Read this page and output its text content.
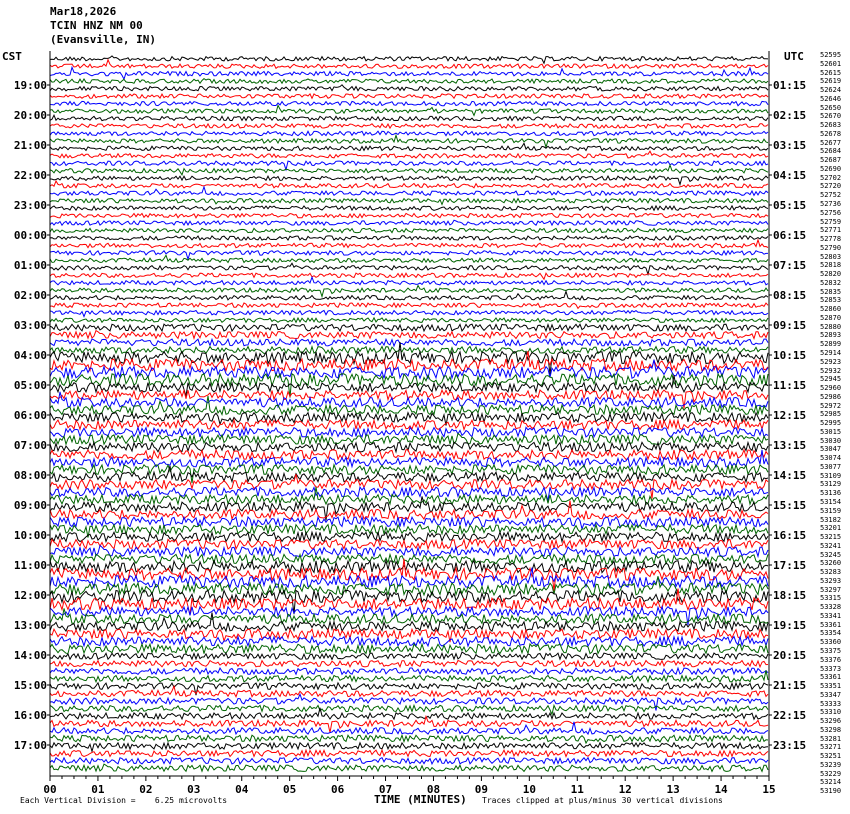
Mar18,2026
TCIN HNZ NM 00
(Evansville, IN)
CST	UTC
00	01	02	03	04	05	06	07	08	09	10	11	12	13	14	15
19:00	01:15
20:00	02:15
21:00	03:15
22:00	04:15
23:00	05:15
00:00	06:15
01:00	07:15
02:00	08:15
03:00	09:15
04:00	10:15
05:00	11:15
06:00	12:15
07:00	13:15
08:00	14:15
09:00	15:15
10:00	16:15
11:00	17:15
12:00	18:15
13:00	19:15
14:00	20:15
15:00	21:15
16:00	22:15
17:00	23:15
52595
52601
52615
52619
52624
52646
52650
52670
52683
52678
52677
52684
52687
52690
52702
52720
52752
52736
52756
52759
52771
52778
52790
52803
52818
52820
52832
52835
52853
52860
52870
52880
52893
52899
52914
52923
52932
52945
52960
52986
52972
52985
52995
53015
53030
53047
53074
53077
53109
53129
53136
53154
53159
53182
53201
53215
53241
53245
53260
53283
53293
53297
53315
53328
53341
53361
53354
53360
53375
53376
53373
53361
53351
53347
53333
53310
53296
53298
53281
53271
53251
53239
53229
53214
53190
Each Vertical Division =    6.25 microvolts	TIME (MINUTES) Traces clipped at plus/minus 30 vertical divisions
